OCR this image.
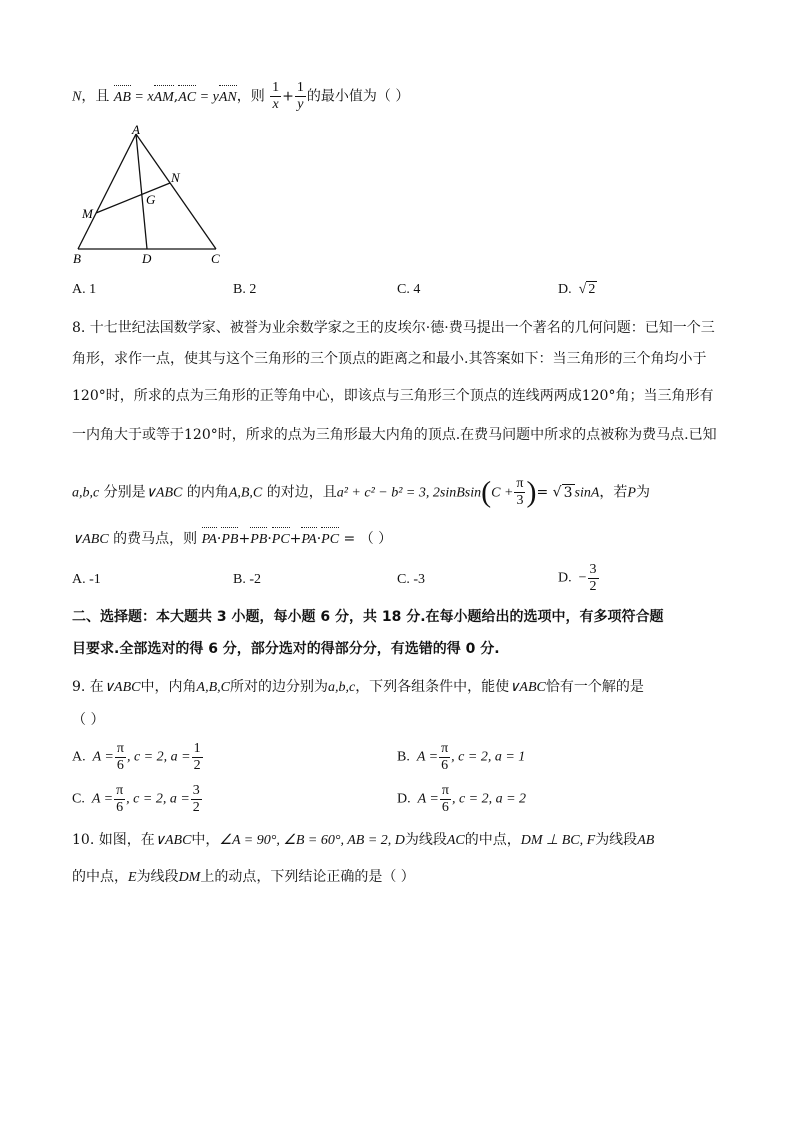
N，且 AB = xAM,AC = yAN，则 $\frac{1}{x} + \frac{1}{y}$ 的最小值为（ ）
A
N
G
M
B	D	C
A. 1	B. 2	C. 4	D.  √ 2
8. 十七世纪法国数学家、被誉为业余数学家之王的皮埃尔·德·费马提出一个著名的几何问题：已知一个三
角形，求作一点，使其与这个三角形的三个顶点的距离之和最小.其答案如下：当三角形的三个角均小于
120°时，所求的点为三角形的正等角中心，即该点与三角形三个顶点的连线两两成120°角；当三角形有
一内角大于或等于120°时，所求的点为三角形最大内角的顶点.在费马问题中所求的点被称为费马点.已知
a,b,c 分别是∨ABC 的内角A,B,C 的对边，且a² + c² − b² = 3, 2sinBsin(C + $\frac{\pi}{3}$ )= √ 3 sinA，若P为
∨ABC 的费马点，则 PA·PB+PB·PC+PA·PC = （ ）
A. -1	B. -2	C. -3	D. − $\frac{3}{2}$
二、选择题：本大题共 3 小题，每小题 6 分，共 18 分.在每小题给出的选项中，有多项符合题
目要求.全部选对的得 6 分，部分选对的得部分分，有选错的得 0 分.
9. 在∨ABC中，内角A,B,C所对的边分别为a,b,c，下列各组条件中，能使∨ABC恰有一个解的是
（ ）
A. $A = \frac{\pi}{6}$ , c = 2, $a = \frac{1}{2}$	B. $A = \frac{\pi}{6}$ , c = 2, a = 1
C. $A = \frac{\pi}{6}$ , c = 2, $a = \frac{3}{2}$	D. $A = \frac{\pi}{6}$ , c = 2, a = 2
10. 如图，在∨ABC中，∠A = 90°, ∠B = 60°, AB = 2, D为线段AC的中点，DM ⊥ BC, F为线段AB
的中点，E为线段DM上的动点，下列结论正确的是（ ）
